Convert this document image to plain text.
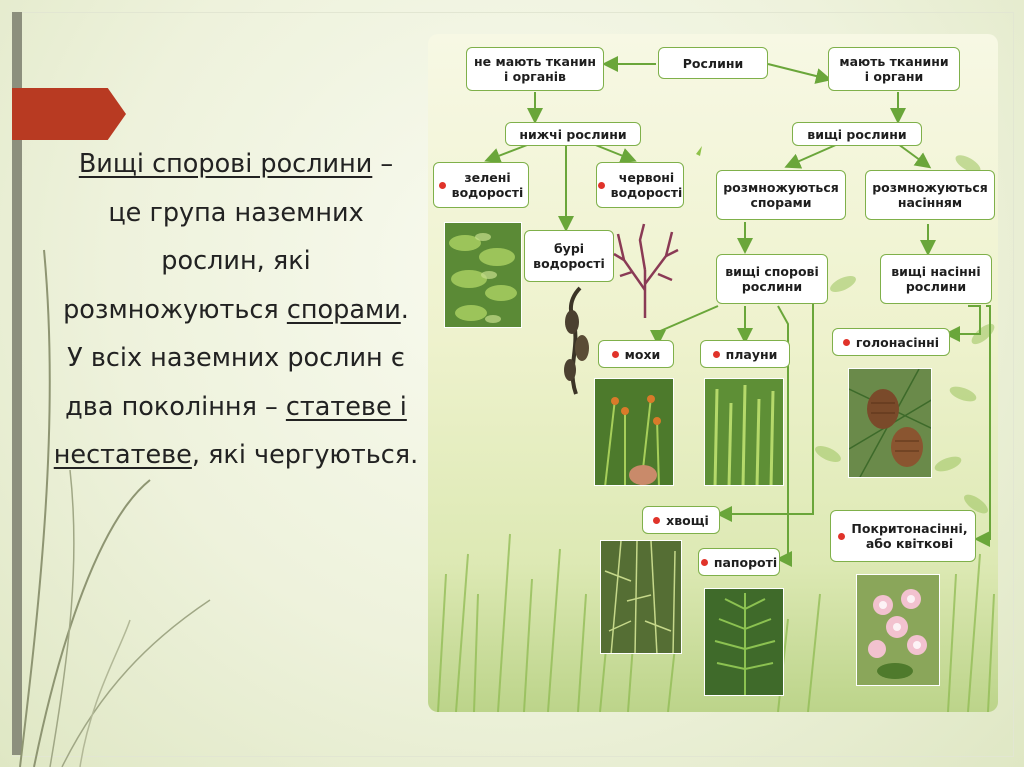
Вищі спорові рослини –
це група наземних
рослин, які
розмножуються спорами.
У всіх наземних рослин є
два покоління – статеве і
нестатеве, які чергуються.
не мають тканин
і органів
Рослини	мають тканини
і органи
нижчі рослини	вищі рослини
зелені
водорості
червоні
водорості	розмножуються
спорами
розмножуються
насінням
бурі
водорості
вищі спорові
рослини
вищі насінні
рослини
мохи	плауни
голонасінні
хвощі
Покритонасінні,
або квіткові
папороті
